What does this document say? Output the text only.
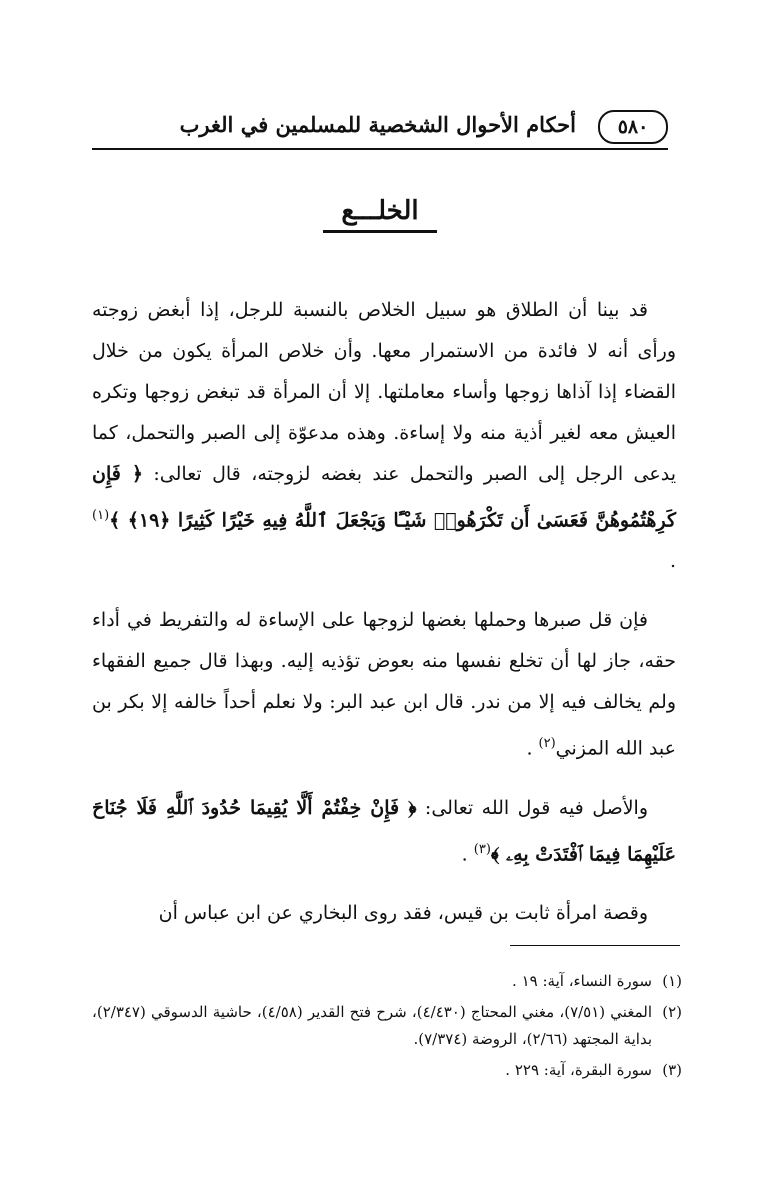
٥٨٠
أحكام الأحوال الشخصية للمسلمين في الغرب
الخلـــع

قد بينا أن الطلاق هو سبيل الخلاص بالنسبة للرجل، إذا أبغض زوجته ورأى أنه لا فائدة من الاستمرار معها. وأن خلاص المرأة يكون من خلال القضاء إذا آذاها زوجها وأساء معاملتها. إلا أن المرأة قد تبغض زوجها وتكره العيش معه لغير أذية منه ولا إساءة. وهذه مدعوّة إلى الصبر والتحمل، كما يدعى الرجل إلى الصبر والتحمل عند بغضه لزوجته، قال تعالى: ﴿ فَإِن كَرِهْتُمُوهُنَّ فَعَسَىٰ أَن تَكْرَهُوا۟ شَيْـًٔا وَيَجْعَلَ ٱللَّهُ فِيهِ خَيْرًا كَثِيرًا ﴿١٩﴾ ﴾$^{(١)}$ .

فإن قل صبرها وحملها بغضها لزوجها على الإساءة له والتفريط في أداء حقه، جاز لها أن تخلع نفسها منه بعوض تؤذيه إليه. وبهذا قال جميع الفقهاء ولم يخالف فيه إلا من ندر. قال ابن عبد البر: ولا نعلم أحداً خالفه إلا بكر بن عبد الله المزني$^{(٢)}$ .

والأصل فيه قول الله تعالى: ﴿ فَإِنْ خِفْتُمْ أَلَّا يُقِيمَا حُدُودَ ٱللَّهِ فَلَا جُنَاحَ عَلَيْهِمَا فِيمَا ٱفْتَدَتْ بِهِۦ ﴾$^{(٣)}$ .

وقصة امرأة ثابت بن قيس، فقد روى البخاري عن ابن عباس أن

(١)
سورة النساء، آية: ١٩ .
(٢)
المغني (٧/٥١)، مغني المحتاج (٤/٤٣٠)، شرح فتح القدير (٤/٥٨)، حاشية الدسوقي (٢/٣٤٧)، بداية المجتهد (٢/٦٦)، الروضة (٧/٣٧٤).
(٣)
سورة البقرة، آية: ٢٢٩ .
